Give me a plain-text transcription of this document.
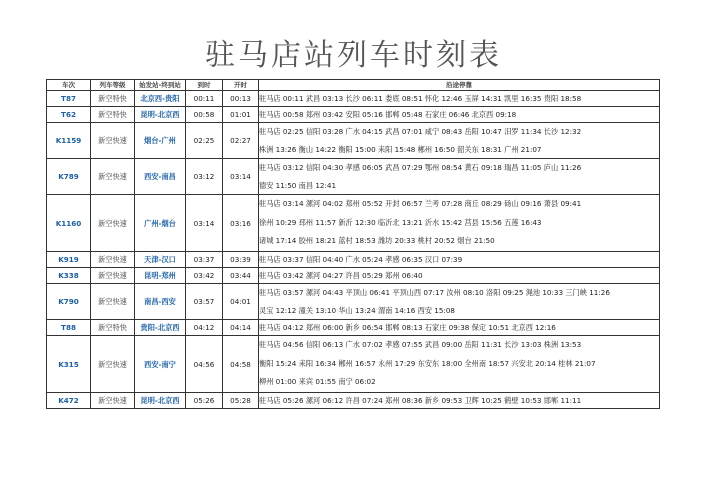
驻马店站列车时刻表
车次	列车等级	始发站-终到站	到时	开时	沿途停靠
T87	新空特快	北京西-贵阳	00:11	00:13	驻马店 00:11 武昌 03:13 长沙 06:11 娄底 08:51 怀化 12:46 玉屏 14:31 凯里 16:35 贵阳 18:58

T62	新空特快	昆明-北京西	00:58	01:01	驻马店 00:58 郑州 03:42 安阳 05:16 邯郸 05:48 石家庄 06:46 北京西 09:18

K1159	新空快速	烟台-广州	02:25	02:27	驻马店 02:25 信阳 03:28 广水 04:15 武昌 07:01 咸宁 08:43 岳阳 10:47 汨罗 11:34 长沙 12:32
株洲 13:26 衡山 14:22 衡阳 15:00 耒阳 15:48 郴州 16:50 韶关东 18:31 广州 21:07

K789	新空快速	西安-南昌	03:12	03:14	驻马店 03:12 信阳 04:30 孝感 06:05 武昌 07:29 鄂州 08:54 黄石 09:18 瑞昌 11:05 庐山 11:26
德安 11:50 南昌 12:41

K1160	新空快速	广州-烟台	03:14	03:16	驻马店 03:14 漯河 04:02 郑州 05:52 开封 06:57 兰考 07:28 商丘 08:29 砀山 09:16 萧县 09:41
徐州 10:29 邳州 11:57 新沂 12:30 临沂北 13:21 沂水 15:42 莒县 15:56 五莲 16:43
诸城 17:14 胶州 18:21 蓝村 18:53 潍坊 20:33 桃村 20:52 烟台 21:50

K919	新空快速	天津-汉口	03:37	03:39	驻马店 03:37 信阳 04:40 广水 05:24 孝感 06:35 汉口 07:39

K338	新空快速	昆明-郑州	03:42	03:44	驻马店 03:42 漯河 04:27 许昌 05:29 郑州 06:40

K790	新空快速	南昌-西安	03:57	04:01	驻马店 03:57 漯河 04:43 平顶山 06:41 平顶山西 07:17 汝州 08:10 洛阳 09:25 渑池 10:33 三门峡 11:26
灵宝 12:12 潼关 13:10 华山 13:24 渭南 14:16 西安 15:08

T88	新空特快	贵阳-北京西	04:12	04:14	驻马店 04:12 郑州 06:00 新乡 06:54 邯郸 08:13 石家庄 09:38 保定 10:51 北京西 12:16

K315	新空快速	西安-南宁	04:56	04:58	驻马店 04:56 信阳 06:13 广水 07:02 孝感 07:55 武昌 09:00 岳阳 11:31 长沙 13:03 株洲 13:53
衡阳 15:24 耒阳 16:34 郴州 16:57 永州 17:29 东安东 18:00 全州南 18:57 兴安北 20:14 桂林 21:07
柳州 01:00 来宾 01:55 南宁 06:02

K472	新空快速	昆明-北京西	05:26	05:28	驻马店 05:26 漯河 06:12 许昌 07:24 郑州 08:36 新乡 09:53 卫辉 10:25 鹤壁 10:53 邯郸 11:11
